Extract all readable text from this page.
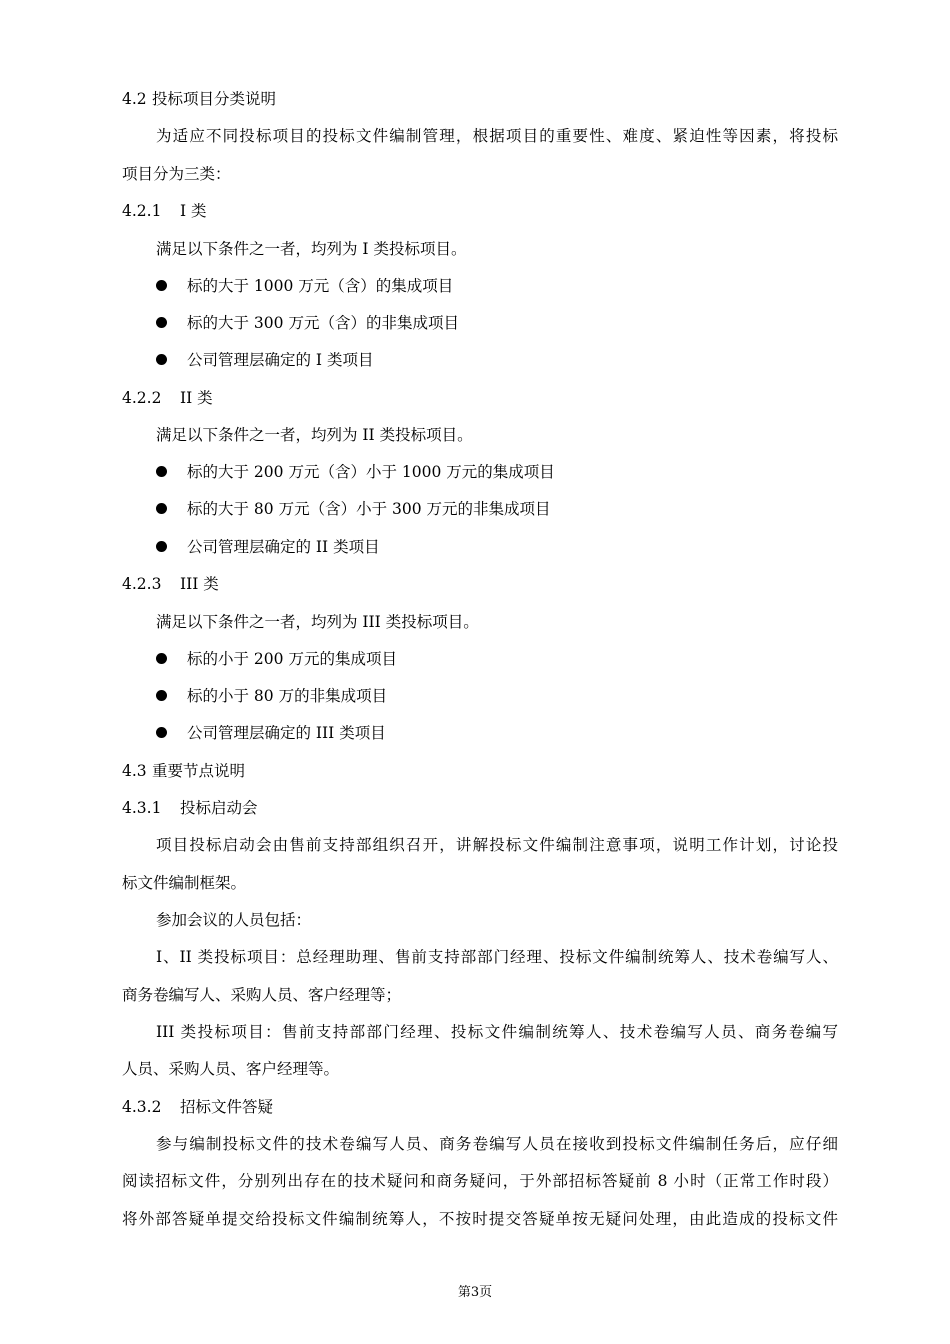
4.2 投标项目分类说明
为适应不同投标项目的投标文件编制管理，根据项目的重要性、难度、紧迫性等因素，将投标
项目分为三类：
4.2.1 I 类
满足以下条件之一者，均列为 I 类投标项目。
标的大于 1000 万元（含）的集成项目
标的大于 300 万元（含）的非集成项目
公司管理层确定的 I 类项目
4.2.2 II 类
满足以下条件之一者，均列为 II 类投标项目。
标的大于 200 万元（含）小于 1000 万元的集成项目
标的大于 80 万元（含）小于 300 万元的非集成项目
公司管理层确定的 II 类项目
4.2.3 III 类
满足以下条件之一者，均列为 III 类投标项目。
标的小于 200 万元的集成项目
标的小于 80 万的非集成项目
公司管理层确定的 III 类项目
4.3 重要节点说明
4.3.1 投标启动会
项目投标启动会由售前支持部组织召开，讲解投标文件编制注意事项，说明工作计划，讨论投
标文件编制框架。
参加会议的人员包括：
I、II 类投标项目：总经理助理、售前支持部部门经理、投标文件编制统筹人、技术卷编写人、
商务卷编写人、采购人员、客户经理等；
III 类投标项目：售前支持部部门经理、投标文件编制统筹人、技术卷编写人员、商务卷编写
人员、采购人员、客户经理等。
4.3.2 招标文件答疑
参与编制投标文件的技术卷编写人员、商务卷编写人员在接收到投标文件编制任务后，应仔细
阅读招标文件，分别列出存在的技术疑问和商务疑问，于外部招标答疑前 8 小时（正常工作时段）
将外部答疑单提交给投标文件编制统筹人，不按时提交答疑单按无疑问处理，由此造成的投标文件
第3页
